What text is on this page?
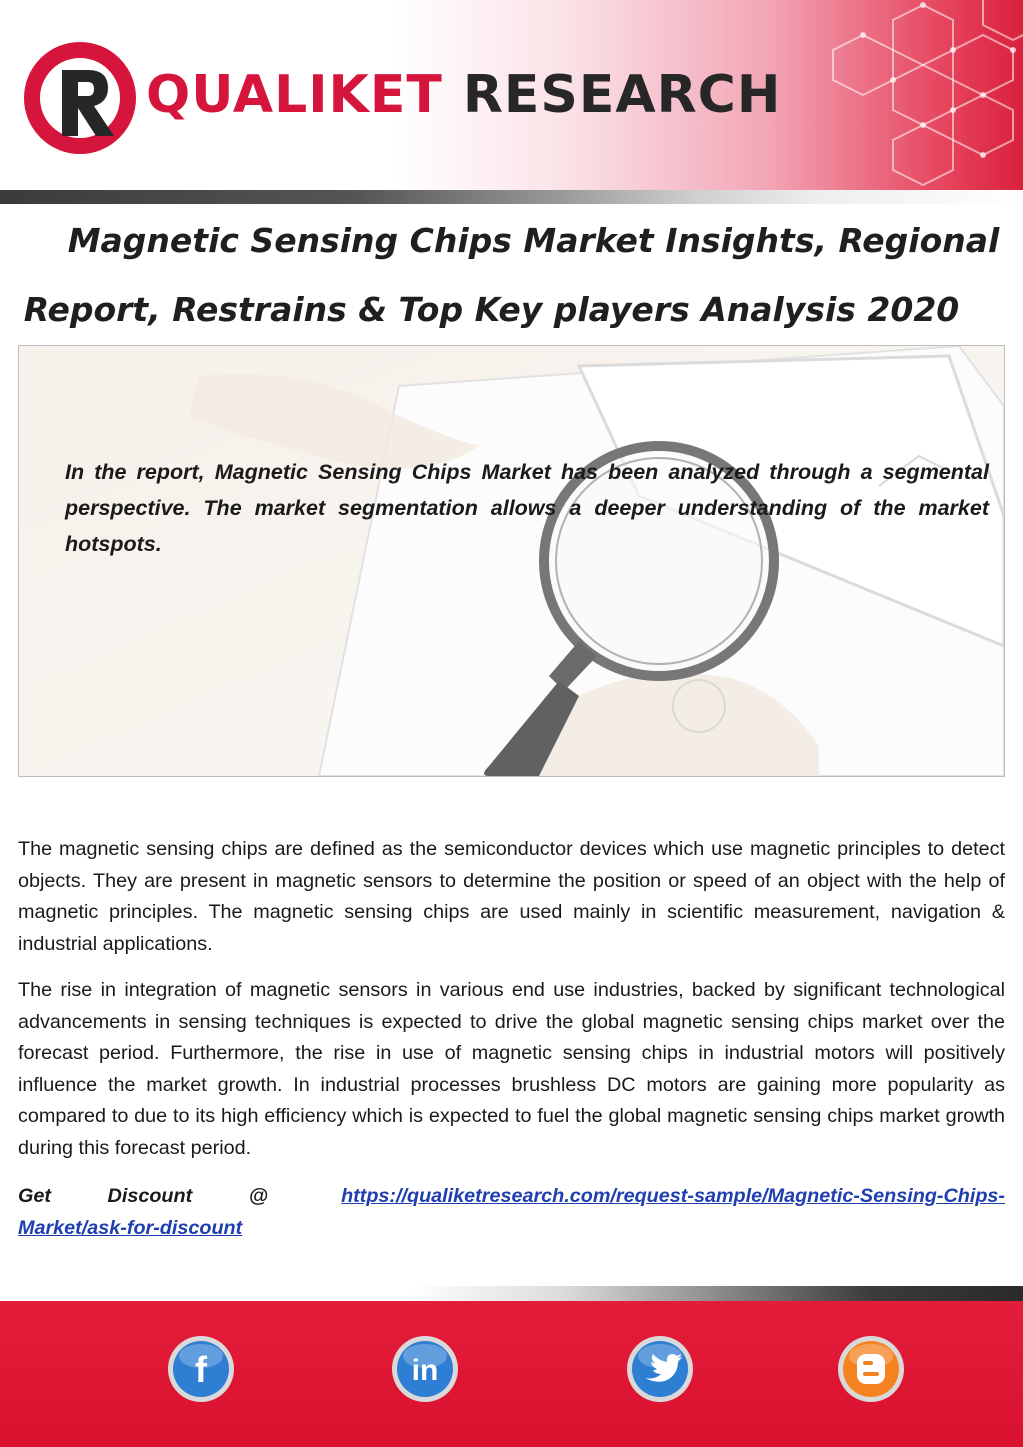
QUALIKET RESEARCH
Magnetic Sensing Chips Market Insights, Regional
Report, Restrains & Top Key players Analysis 2020

In the report, Magnetic Sensing Chips Market has been analyzed through a segmental perspective. The market segmentation allows a deeper understanding of the market hotspots.

The magnetic sensing chips are defined as the semiconductor devices which use magnetic principles to detect objects. They are present in magnetic sensors to determine the position or speed of an object with the help of magnetic principles. The magnetic sensing chips are used mainly in scientific measurement, navigation & industrial applications.

The rise in integration of magnetic sensors in various end use industries, backed by significant technological advancements in sensing techniques is expected to drive the global magnetic sensing chips market over the forecast period. Furthermore, the rise in use of magnetic sensing chips in industrial motors will positively influence the market growth. In industrial processes brushless DC motors are gaining more popularity as compared to due to its high efficiency which is expected to fuel the global magnetic sensing chips market growth during this forecast period.

Get	Discount	@	https://qualiketresearch.com/request-sample/Magnetic-Sensing-Chips-Market/ask-for-discount

f	in
